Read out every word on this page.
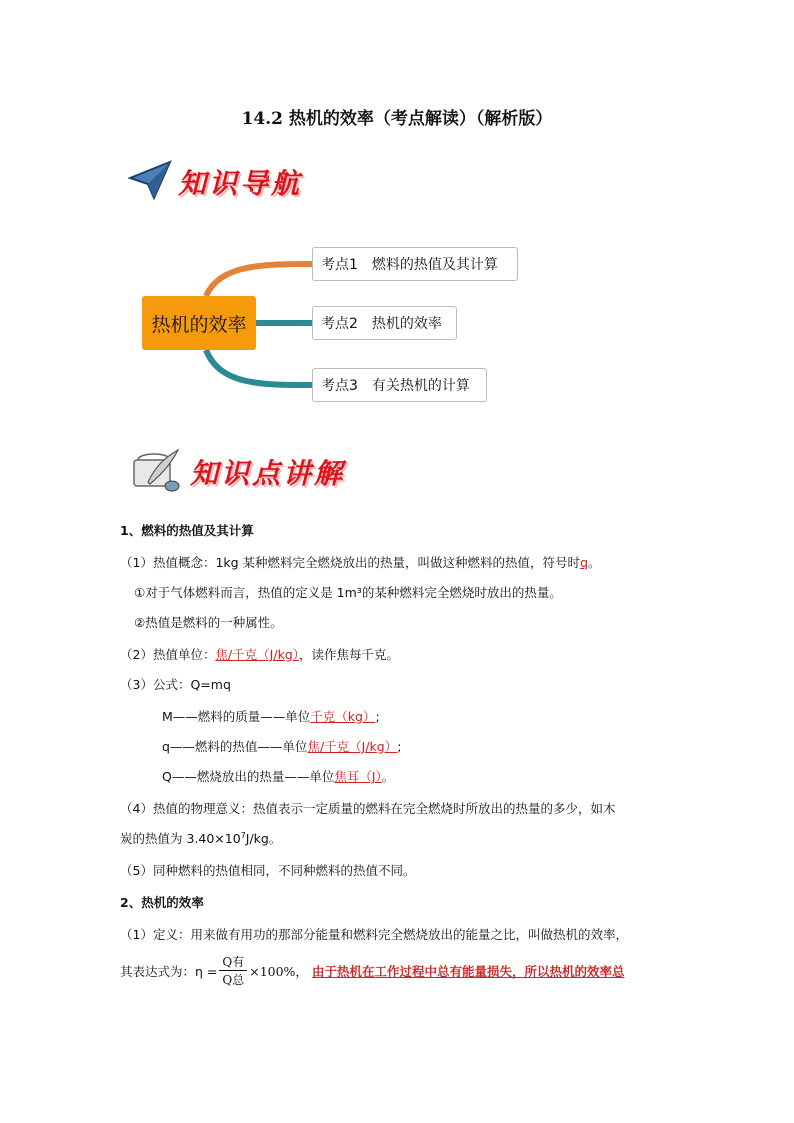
14.2 热机的效率（考点解读）（解析版）
知识导航
热机的效率
考点1 燃料的热值及其计算
考点2 热机的效率
考点3 有关热机的计算
知识点讲解
1、燃料的热值及其计算
（1）热值概念：1kg 某种燃料完全燃烧放出的热量，叫做这种燃料的热值，符号时q。
①对于气体燃料而言，热值的定义是 1m³的某种燃料完全燃烧时放出的热量。
②热值是燃料的一种属性。
（2）热值单位：焦/千克（J/kg），读作焦每千克。
（3）公式：Q=mq
M——燃料的质量——单位千克（kg）;
q——燃料的热值——单位焦/千克（J/kg）;
Q——燃烧放出的热量——单位焦耳（J）。
（4）热值的物理意义：热值表示一定质量的燃料在完全燃烧时所放出的热量的多少，如木
炭的热值为 $3.40\times 10^7J/kg$。
（5）同种燃料的热值相同，不同种燃料的热值不同。
2、热机的效率
（1）定义：用来做有用功的那部分能量和燃料完全燃烧放出的能量之比，叫做热机的效率，
其表达式为：$\eta = \frac{\text{Q有}}{\text{Q总}} \times 100\%$， 由于热机在工作过程中总有能量损失，所以热机的效率总
